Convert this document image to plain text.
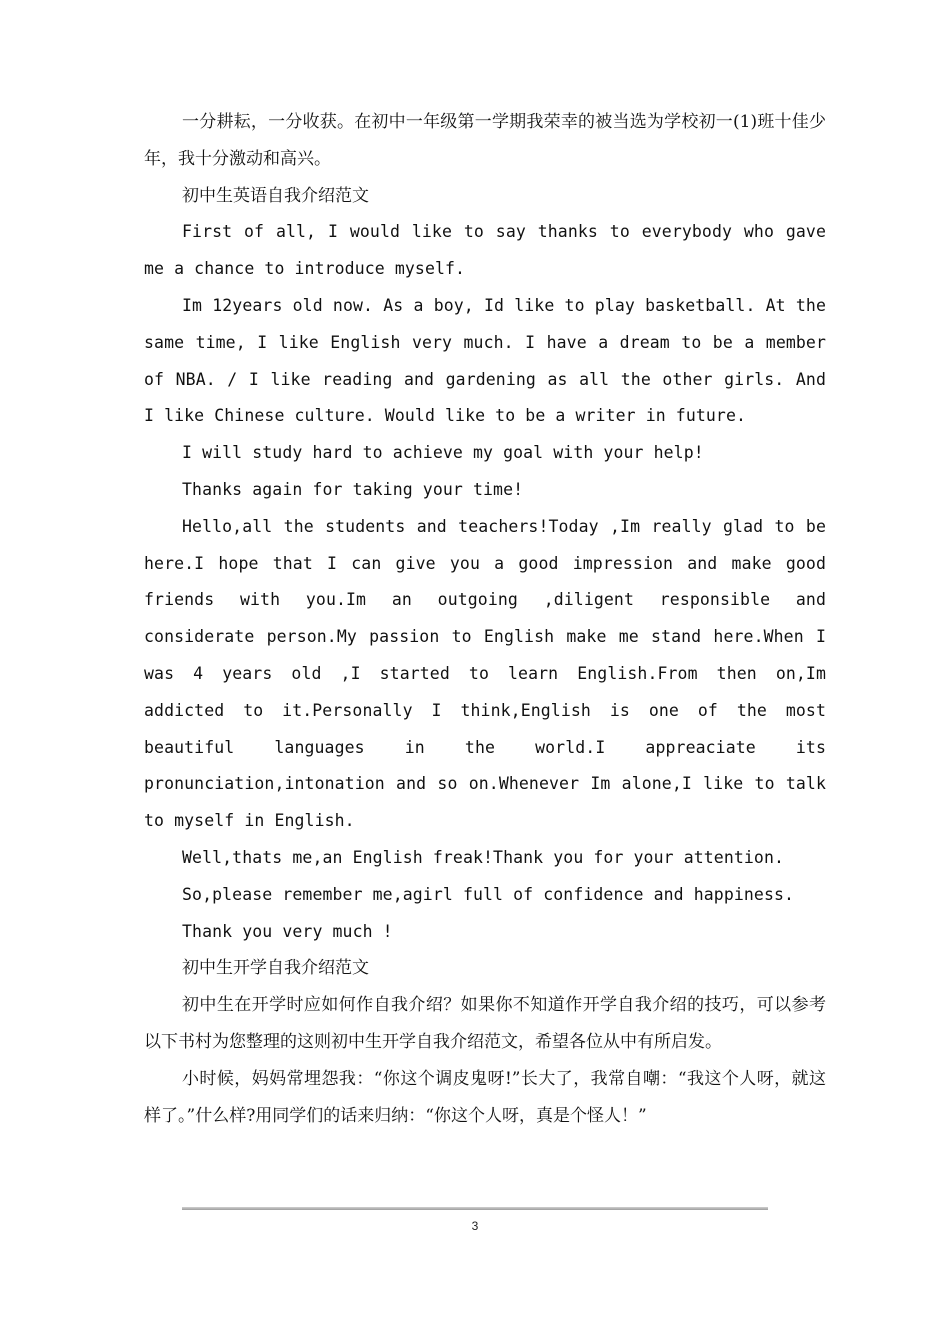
一分耕耘，一分收获。在初中一年级第一学期我荣幸的被当选为学校初一(1)班十佳少年，我十分激动和高兴。

初中生英语自我介绍范文

First of all, I would like to say thanks to everybody who gave me a chance to introduce myself.

Im 12years old now. As a boy, Id like to play basketball. At the same time, I like English very much. I have a dream to be a member of NBA. / I like reading and gardening as all the other girls. And I like Chinese culture. Would like to be a writer in future.

I will study hard to achieve my goal with your help!

Thanks again for taking your time!

Hello,all the students and teachers!Today ,Im really glad to be here.I hope that I can give you a good impression and make good friends with you.Im an outgoing ,diligent responsible and considerate person.My passion to English make me stand here.When I was 4 years old ,I started to learn English.From then on,Im addicted to it.Personally I think,English is one of the most beautiful languages in the world.I appreaciate its pronunciation,intonation and so on.Whenever Im alone,I like to talk to myself in English.

Well,thats me,an English freak!Thank you for your attention.

So,please remember me,agirl full of confidence and happiness.

Thank you very much !

初中生开学自我介绍范文

初中生在开学时应如何作自我介绍？如果你不知道作开学自我介绍的技巧，可以参考以下书村为您整理的这则初中生开学自我介绍范文，希望各位从中有所启发。

小时候，妈妈常埋怨我：“你这个调皮鬼呀!”长大了，我常自嘲：“我这个人呀，就这样了。”什么样?用同学们的话来归纳：“你这个人呀，真是个怪人！”

3
